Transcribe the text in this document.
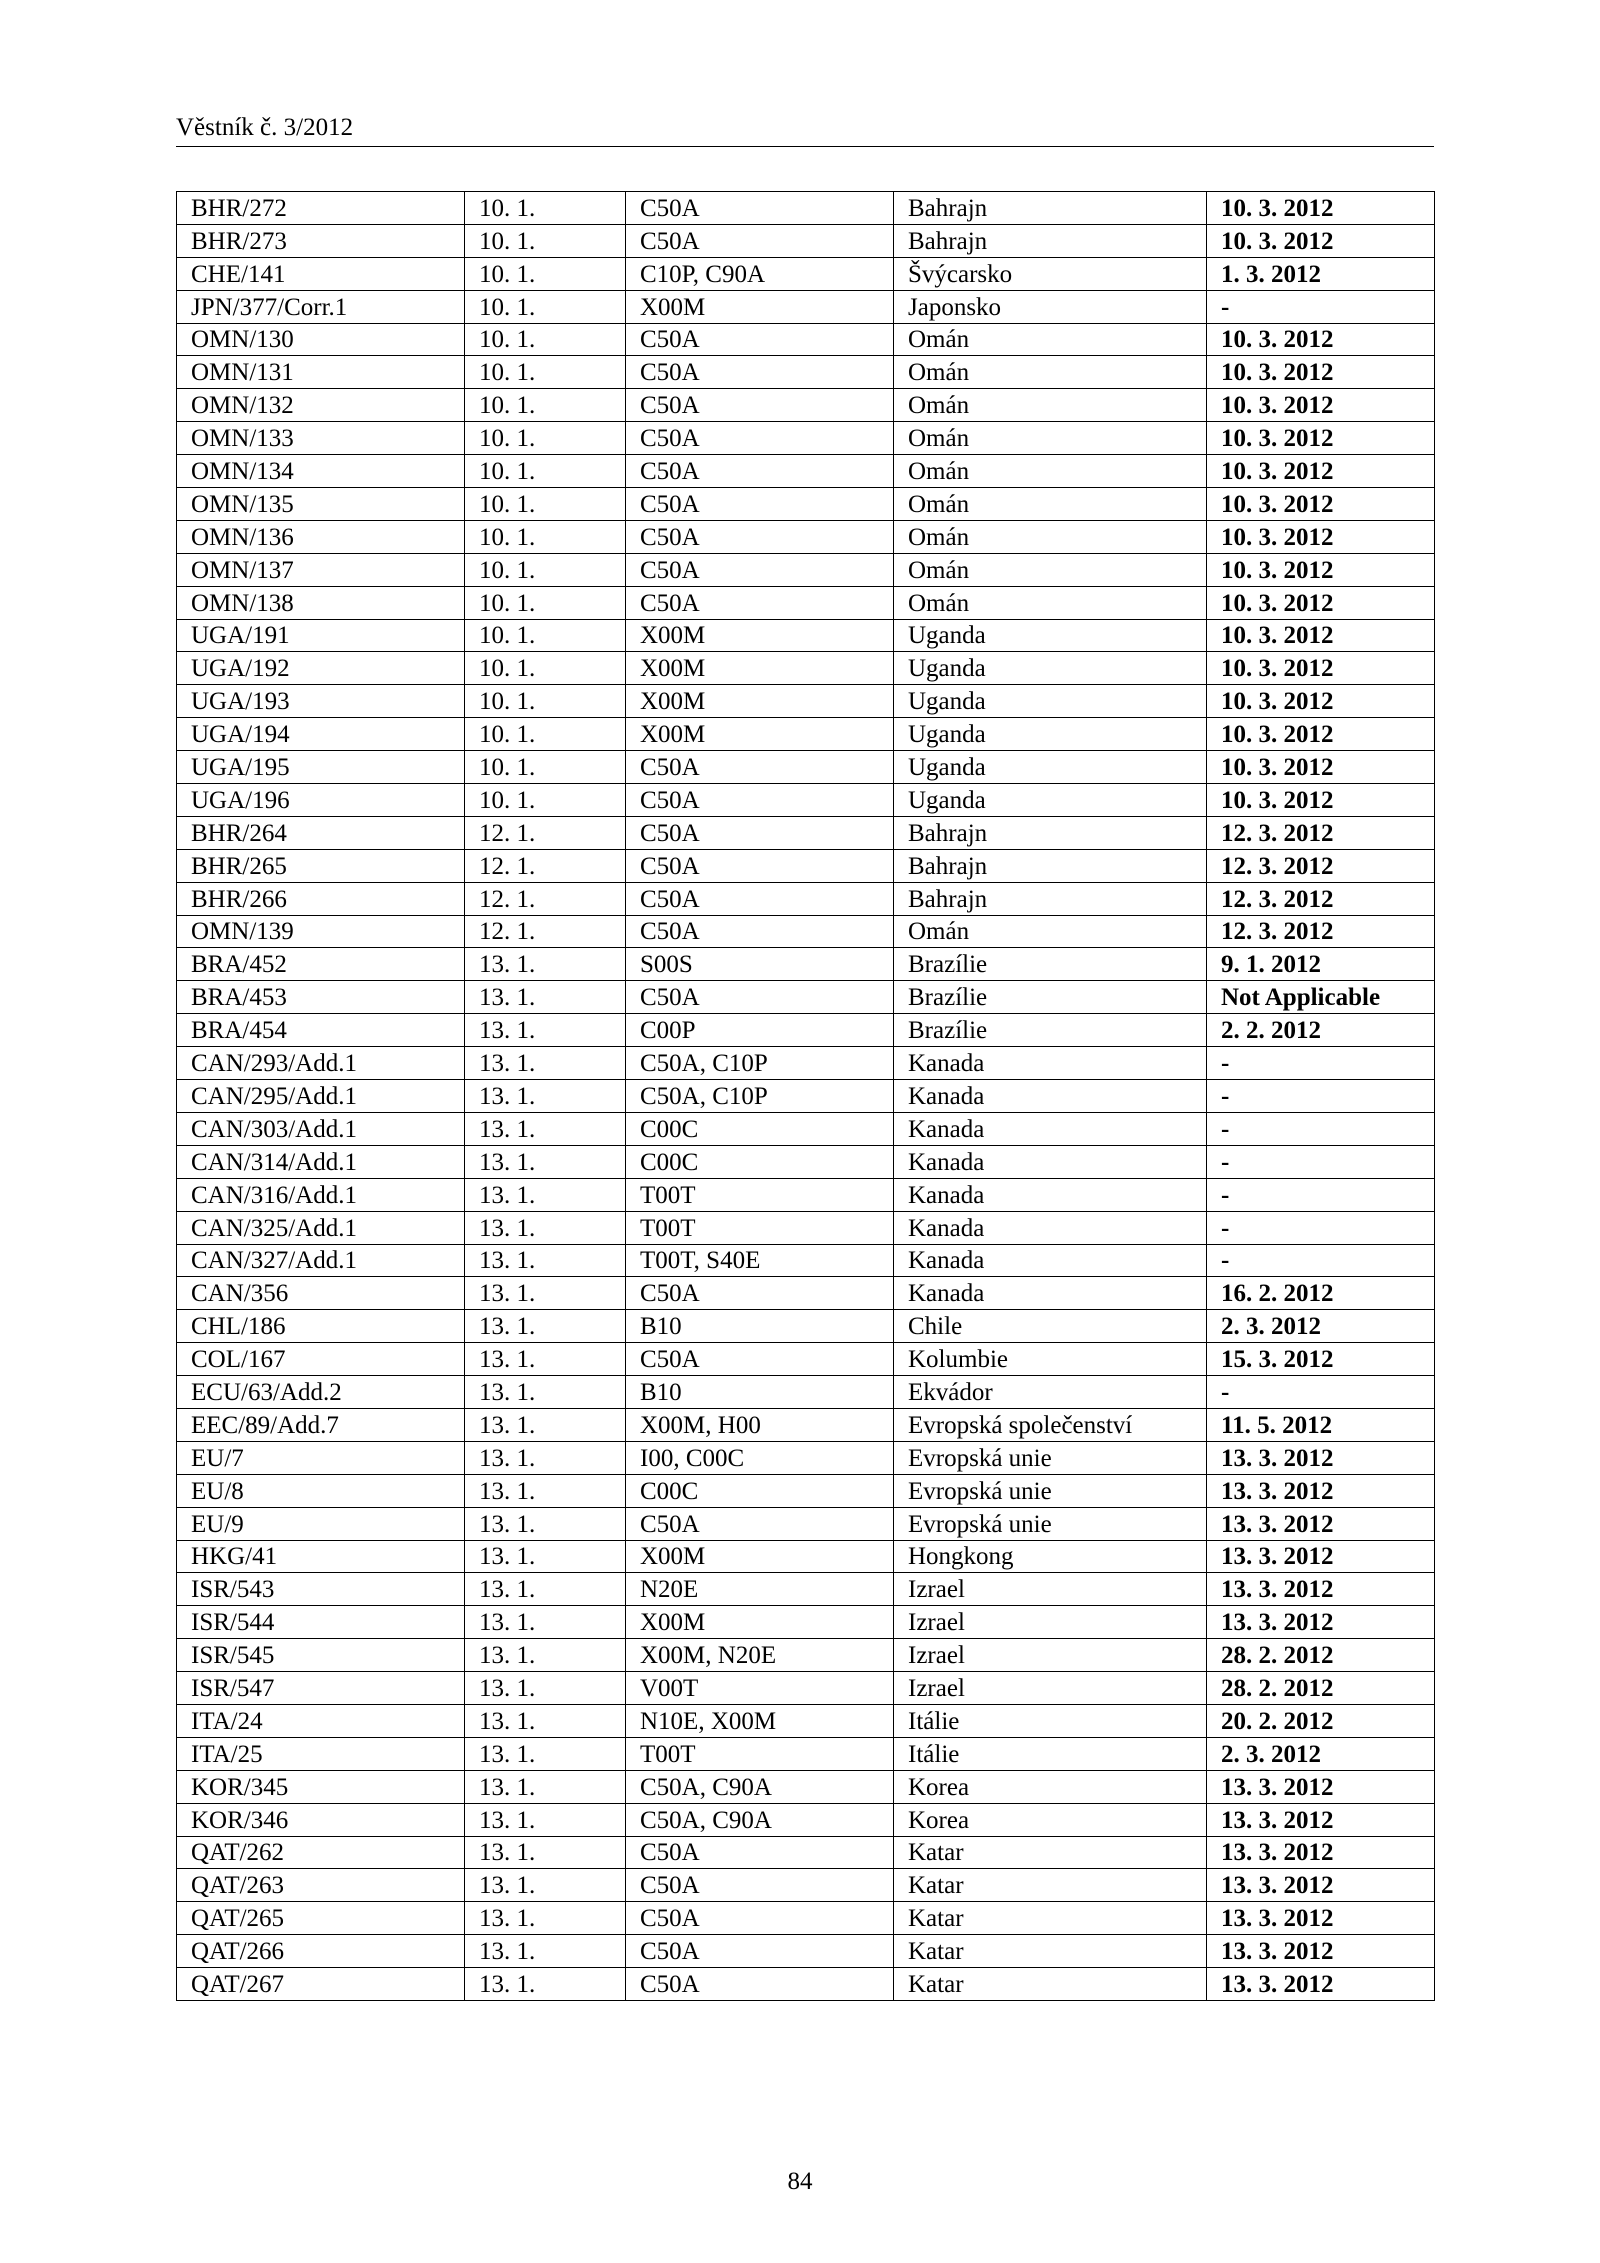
Věstník č. 3/2012
BHR/272	10. 1.	C50A	Bahrajn	10. 3. 2012
BHR/273	10. 1.	C50A	Bahrajn	10. 3. 2012
CHE/141	10. 1.	C10P, C90A	Švýcarsko	1. 3. 2012
JPN/377/Corr.1	10. 1.	X00M	Japonsko	-
OMN/130	10. 1.	C50A	Omán	10. 3. 2012
OMN/131	10. 1.	C50A	Omán	10. 3. 2012
OMN/132	10. 1.	C50A	Omán	10. 3. 2012
OMN/133	10. 1.	C50A	Omán	10. 3. 2012
OMN/134	10. 1.	C50A	Omán	10. 3. 2012
OMN/135	10. 1.	C50A	Omán	10. 3. 2012
OMN/136	10. 1.	C50A	Omán	10. 3. 2012
OMN/137	10. 1.	C50A	Omán	10. 3. 2012
OMN/138	10. 1.	C50A	Omán	10. 3. 2012
UGA/191	10. 1.	X00M	Uganda	10. 3. 2012
UGA/192	10. 1.	X00M	Uganda	10. 3. 2012
UGA/193	10. 1.	X00M	Uganda	10. 3. 2012
UGA/194	10. 1.	X00M	Uganda	10. 3. 2012
UGA/195	10. 1.	C50A	Uganda	10. 3. 2012
UGA/196	10. 1.	C50A	Uganda	10. 3. 2012
BHR/264	12. 1.	C50A	Bahrajn	12. 3. 2012
BHR/265	12. 1.	C50A	Bahrajn	12. 3. 2012
BHR/266	12. 1.	C50A	Bahrajn	12. 3. 2012
OMN/139	12. 1.	C50A	Omán	12. 3. 2012
BRA/452	13. 1.	S00S	Brazílie	9. 1. 2012
BRA/453	13. 1.	C50A	Brazílie	Not Applicable
BRA/454	13. 1.	C00P	Brazílie	2. 2. 2012
CAN/293/Add.1	13. 1.	C50A, C10P	Kanada	-
CAN/295/Add.1	13. 1.	C50A, C10P	Kanada	-
CAN/303/Add.1	13. 1.	C00C	Kanada	-
CAN/314/Add.1	13. 1.	C00C	Kanada	-
CAN/316/Add.1	13. 1.	T00T	Kanada	-
CAN/325/Add.1	13. 1.	T00T	Kanada	-
CAN/327/Add.1	13. 1.	T00T, S40E	Kanada	-
CAN/356	13. 1.	C50A	Kanada	16. 2. 2012
CHL/186	13. 1.	B10	Chile	2. 3. 2012
COL/167	13. 1.	C50A	Kolumbie	15. 3. 2012
ECU/63/Add.2	13. 1.	B10	Ekvádor	-
EEC/89/Add.7	13. 1.	X00M, H00	Evropská společenství	11. 5. 2012
EU/7	13. 1.	I00, C00C	Evropská unie	13. 3. 2012
EU/8	13. 1.	C00C	Evropská unie	13. 3. 2012
EU/9	13. 1.	C50A	Evropská unie	13. 3. 2012
HKG/41	13. 1.	X00M	Hongkong	13. 3. 2012
ISR/543	13. 1.	N20E	Izrael	13. 3. 2012
ISR/544	13. 1.	X00M	Izrael	13. 3. 2012
ISR/545	13. 1.	X00M, N20E	Izrael	28. 2. 2012
ISR/547	13. 1.	V00T	Izrael	28. 2. 2012
ITA/24	13. 1.	N10E, X00M	Itálie	20. 2. 2012
ITA/25	13. 1.	T00T	Itálie	2. 3. 2012
KOR/345	13. 1.	C50A, C90A	Korea	13. 3. 2012
KOR/346	13. 1.	C50A, C90A	Korea	13. 3. 2012
QAT/262	13. 1.	C50A	Katar	13. 3. 2012
QAT/263	13. 1.	C50A	Katar	13. 3. 2012
QAT/265	13. 1.	C50A	Katar	13. 3. 2012
QAT/266	13. 1.	C50A	Katar	13. 3. 2012
QAT/267	13. 1.	C50A	Katar	13. 3. 2012
84
